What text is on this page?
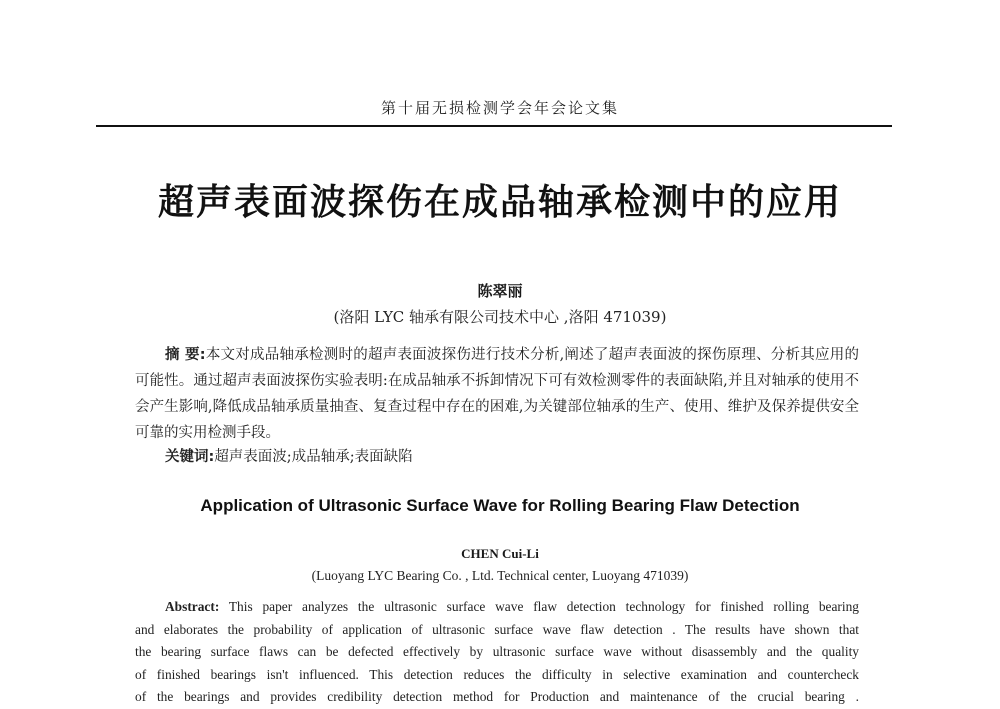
第十届无损检测学会年会论文集
超声表面波探伤在成品轴承检测中的应用
陈翠丽
(洛阳 LYC 轴承有限公司技术中心 ,洛阳 471039)
摘 要:本文对成品轴承检测时的超声表面波探伤进行技术分析,阐述了超声表面波的探伤原理、分析其应用的可能性。通过超声表面波探伤实验表明:在成品轴承不拆卸情况下可有效检测零件的表面缺陷,并且对轴承的使用不会产生影响,降低成品轴承质量抽查、复查过程中存在的困难,为关键部位轴承的生产、使用、维护及保养提供安全可靠的实用检测手段。
关键词:超声表面波;成品轴承;表面缺陷
Application of Ultrasonic Surface Wave for Rolling Bearing Flaw Detection
CHEN Cui-Li
(Luoyang LYC Bearing Co. , Ltd. Technical center, Luoyang 471039)
Abstract: This paper analyzes the ultrasonic surface wave flaw detection technology for finished rolling bearing
and elaborates the probability of application of ultrasonic surface wave flaw detection . The results have shown that
the bearing surface flaws can be defected effectively by ultrasonic surface wave without disassembly and the quality
of finished bearings isn't influenced. This detection reduces the difficulty in selective examination and countercheck
of the bearings and provides credibility detection method for Production and maintenance of the crucial bearing .
